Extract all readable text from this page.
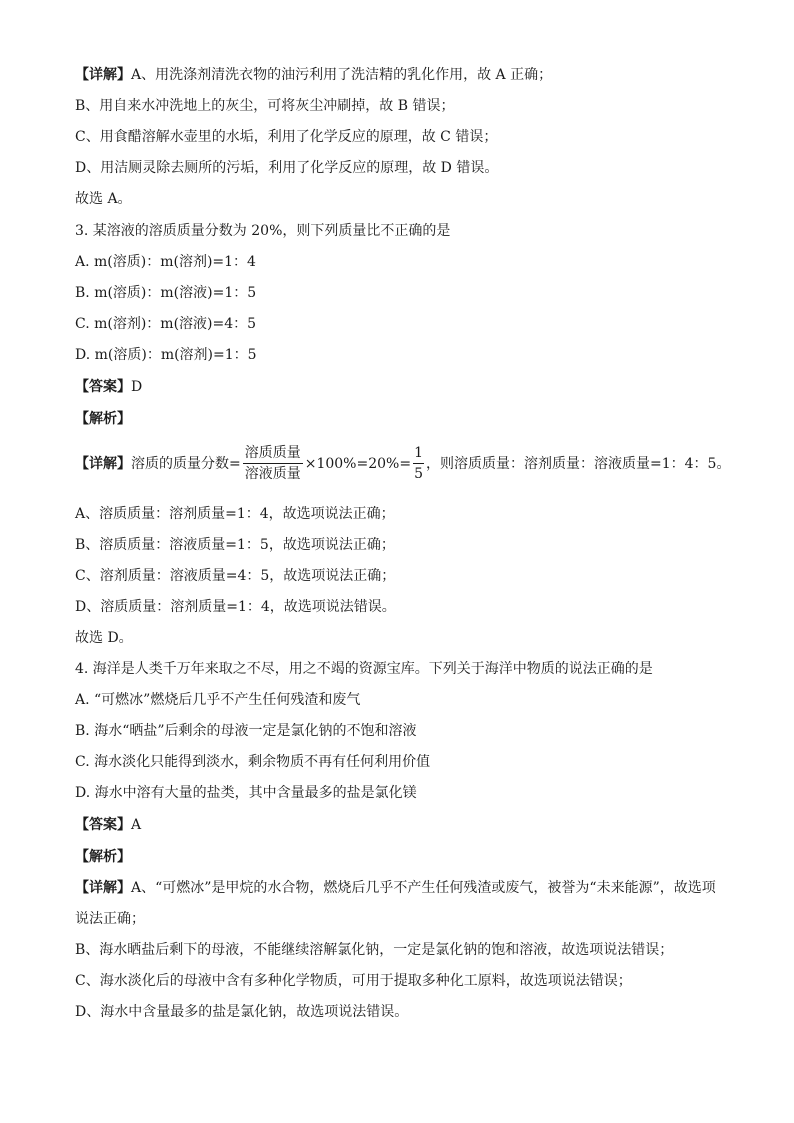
【详解】A、用洗涤剂清洗衣物的油污利用了洗洁精的乳化作用，故 A 正确；
B、用自来水冲洗地上的灰尘，可将灰尘冲刷掉，故 B 错误；
C、用食醋溶解水壶里的水垢，利用了化学反应的原理，故 C 错误；
D、用洁厕灵除去厕所的污垢，利用了化学反应的原理，故 D 错误。
故选 A。
3. 某溶液的溶质质量分数为 20%，则下列质量比不正确的是
A. m(溶质)：m(溶剂)=1：4
B. m(溶质)：m(溶液)=1：5
C. m(溶剂)：m(溶液)=4：5
D. m(溶质)：m(溶剂)=1：5
【答案】D
【解析】
【详解】 溶质的质量分数= $\frac{\text{溶质质量}}{\text{溶液质量}} \times 100\%=20\%= \frac{1}{5}$ ，则溶质质量：溶剂质量：溶液质量=1：4：5。
A、溶质质量：溶剂质量=1：4，故选项说法正确；
B、溶质质量：溶液质量=1：5，故选项说法正确；
C、溶剂质量：溶液质量=4：5，故选项说法正确；
D、溶质质量：溶剂质量=1：4，故选项说法错误。
故选 D。
4. 海洋是人类千万年来取之不尽，用之不竭的资源宝库。下列关于海洋中物质的说法正确的是
A. “可燃冰”燃烧后几乎不产生任何残渣和废气
B. 海水“晒盐”后剩余的母液一定是氯化钠的不饱和溶液
C. 海水淡化只能得到淡水，剩余物质不再有任何利用价值
D. 海水中溶有大量的盐类，其中含量最多的盐是氯化镁
【答案】A
【解析】
【详解】A、“可燃冰”是甲烷的水合物，燃烧后几乎不产生任何残渣或废气，被誉为“未来能源”，故选项说法正确；
B、海水晒盐后剩下的母液，不能继续溶解氯化钠，一定是氯化钠的饱和溶液，故选项说法错误；
C、海水淡化后的母液中含有多种化学物质，可用于提取多种化工原料，故选项说法错误；
D、海水中含量最多的盐是氯化钠，故选项说法错误。
